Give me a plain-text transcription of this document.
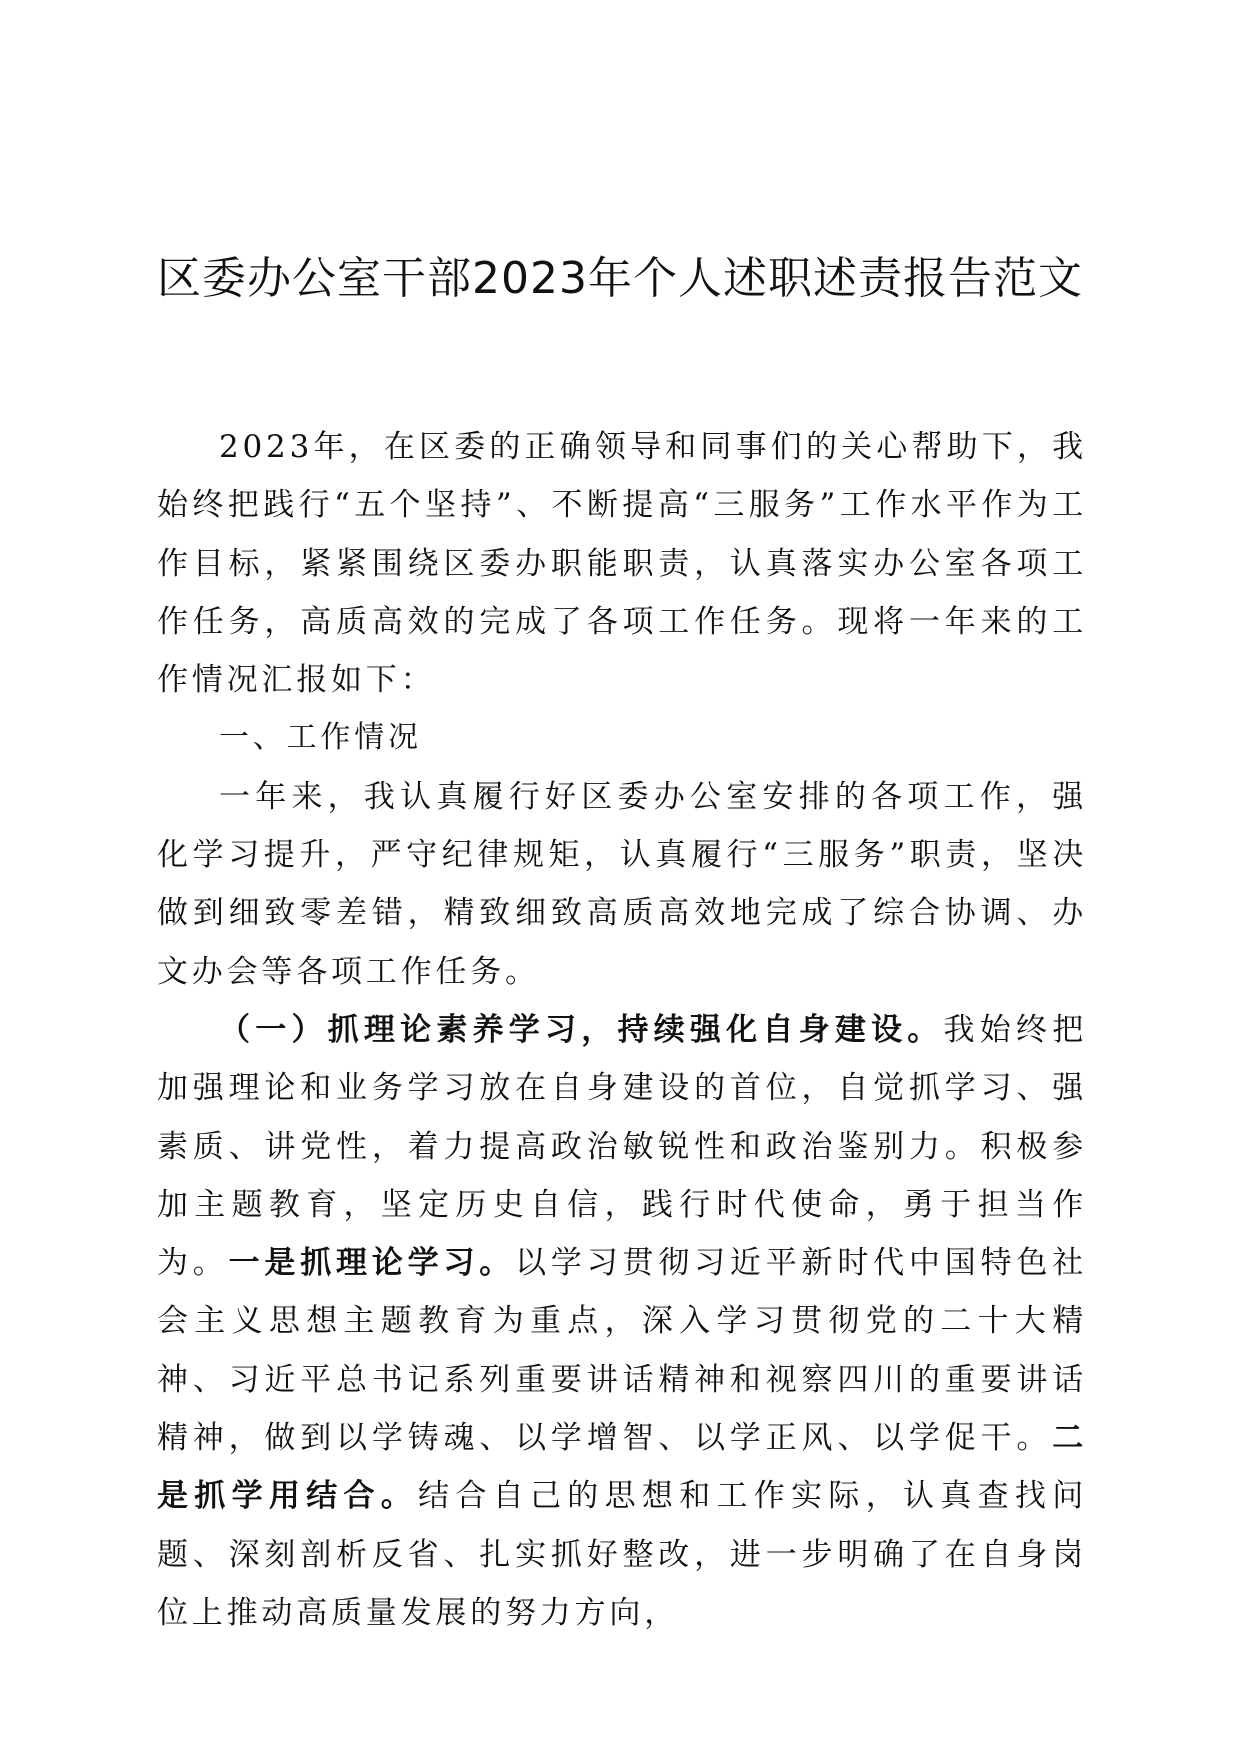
区委办公室干部2023年个人述职述责报告范文

2023年，在区委的正确领导和同事们的关心帮助下，我始终把践行“五个坚持”、不断提高“三服务”工作水平作为工作目标，紧紧围绕区委办职能职责，认真落实办公室各项工作任务，高质高效的完成了各项工作任务。现将一年来的工作情况汇报如下：

一、工作情况

一年来，我认真履行好区委办公室安排的各项工作，强化学习提升，严守纪律规矩，认真履行“三服务”职责，坚决做到细致零差错，精致细致高质高效地完成了综合协调、办文办会等各项工作任务。

（一）抓理论素养学习，持续强化自身建设。我始终把加强理论和业务学习放在自身建设的首位，自觉抓学习、强素质、讲党性，着力提高政治敏锐性和政治鉴别力。积极参加主题教育，坚定历史自信，践行时代使命，勇于担当作为。一是抓理论学习。以学习贯彻习近平新时代中国特色社会主义思想主题教育为重点，深入学习贯彻党的二十大精神、习近平总书记系列重要讲话精神和视察四川的重要讲话精神，做到以学铸魂、以学增智、以学正风、以学促干。二是抓学用结合。结合自己的思想和工作实际，认真查找问题、深刻剖析反省、扎实抓好整改，进一步明确了在自身岗位上推动高质量发展的努力方向，
